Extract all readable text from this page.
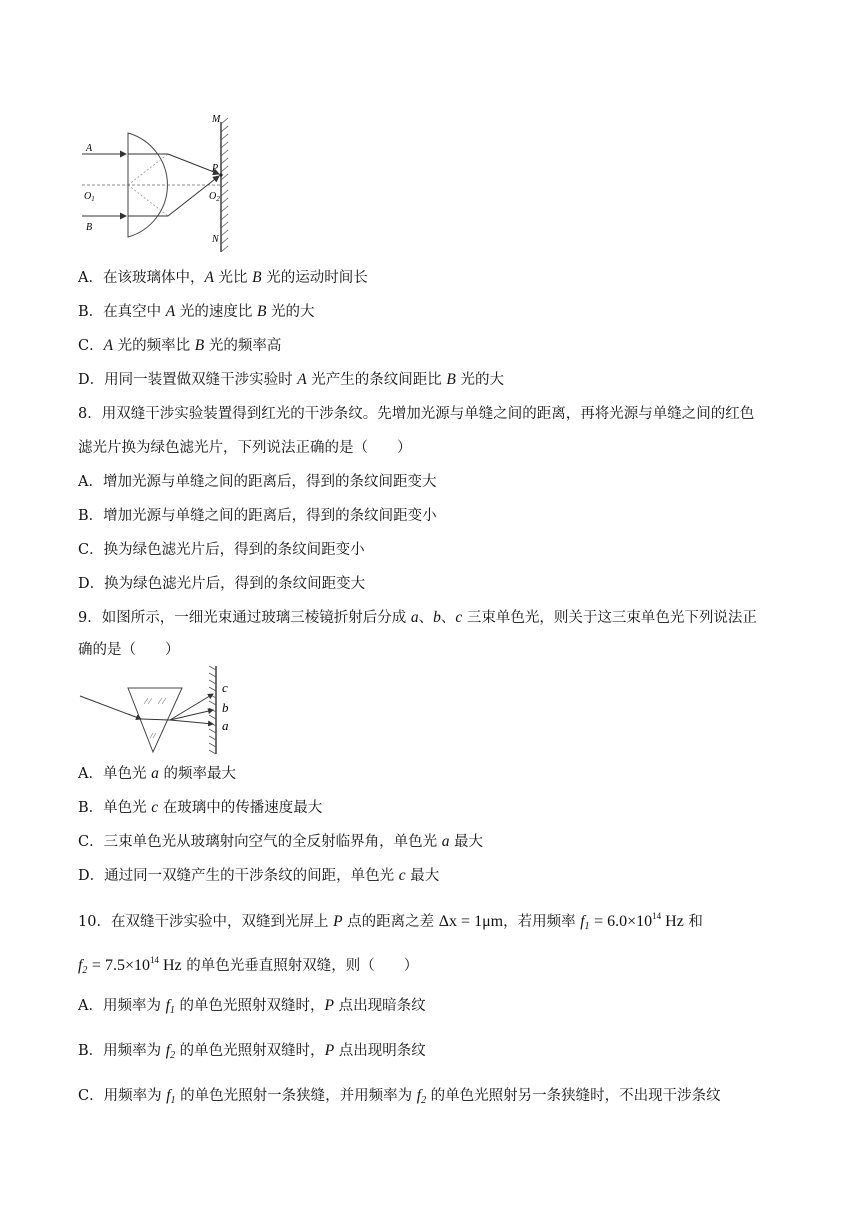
M
A
P
$O_1$	$O_2$
B
N
A．在该玻璃体中，A 光比 B 光的运动时间长
B．在真空中 A 光的速度比 B 光的大
C．A 光的频率比 B 光的频率高
D．用同一装置做双缝干涉实验时 A 光产生的条纹间距比 B 光的大
8．用双缝干涉实验装置得到红光的干涉条纹。先增加光源与单缝之间的距离，再将光源与单缝之间的红色
滤光片换为绿色滤光片，下列说法正确的是（　　）
A．增加光源与单缝之间的距离后，得到的条纹间距变大
B．增加光源与单缝之间的距离后，得到的条纹间距变小
C．换为绿色滤光片后，得到的条纹间距变小
D．换为绿色滤光片后，得到的条纹间距变大
9．如图所示，一细光束通过玻璃三棱镜折射后分成 a、b、c 三束单色光，则关于这三束单色光下列说法正
确的是（　　）
c
b
a
A．单色光 a 的频率最大
B．单色光 c 在玻璃中的传播速度最大
C．三束单色光从玻璃射向空气的全反射临界角，单色光 a 最大
D．通过同一双缝产生的干涉条纹的间距，单色光 c 最大
10．在双缝干涉实验中，双缝到光屏上 P 点的距离之差 Δx = 1μm，若用频率 $f_1 = 6.0\times 10^{14}$ Hz 和
$f_2 = 7.5\times 10^{14}$ Hz 的单色光垂直照射双缝，则（　　）
A．用频率为 $f_1$ 的单色光照射双缝时，P 点出现暗条纹
B．用频率为 $f_2$ 的单色光照射双缝时，P 点出现明条纹
C．用频率为 $f_1$ 的单色光照射一条狭缝，并用频率为 $f_2$ 的单色光照射另一条狭缝时，不出现干涉条纹
